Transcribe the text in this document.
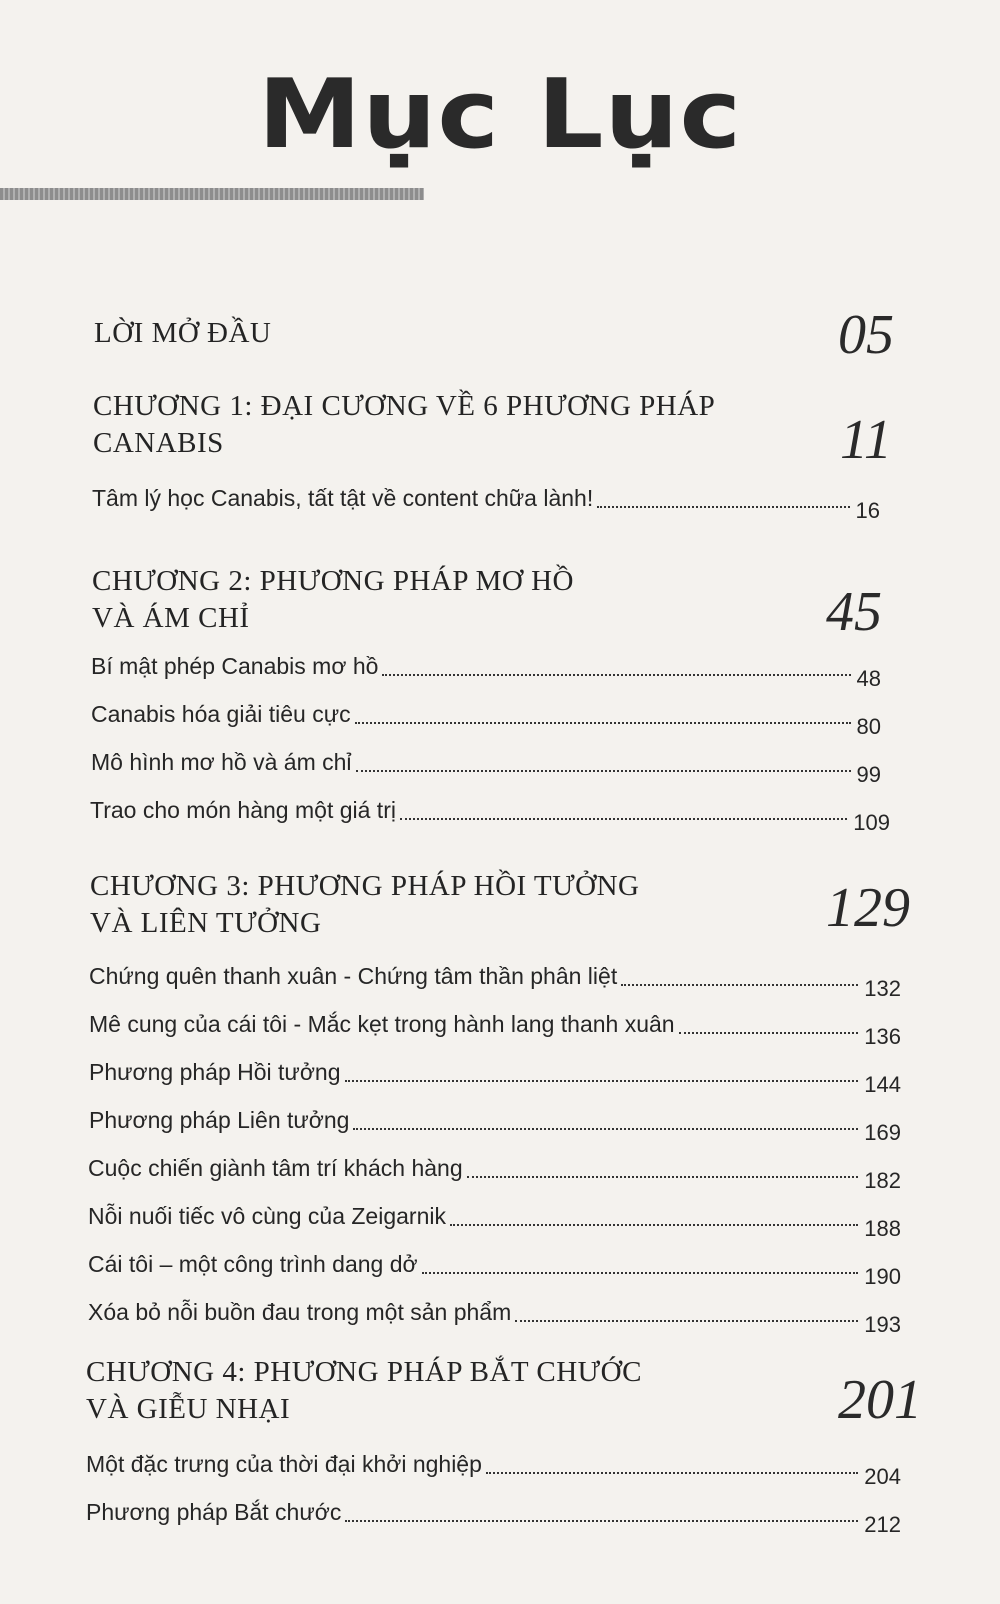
Mục Lục
LỜI MỞ ĐẦU	05
CHƯƠNG 1: ĐẠI CƯƠNG VỀ 6 PHƯƠNG PHÁP
CANABIS	11
Tâm lý học Canabis, tất tật về content chữa lành!	16
CHƯƠNG 2: PHƯƠNG PHÁP MƠ HỒ
VÀ ÁM CHỈ	45
Bí mật phép Canabis mơ hồ	48
Canabis hóa giải tiêu cực	80
Mô hình mơ hồ và ám chỉ	99
Trao cho món hàng một giá trị	109
CHƯƠNG 3: PHƯƠNG PHÁP HỒI TƯỞNG
VÀ LIÊN TƯỞNG	129
Chứng quên thanh xuân - Chứng tâm thần phân liệt	132
Mê cung của cái tôi - Mắc kẹt trong hành lang thanh xuân	136
Phương pháp Hồi tưởng	144
Phương pháp Liên tưởng	169
Cuộc chiến giành tâm trí khách hàng	182
Nỗi nuối tiếc vô cùng của Zeigarnik	188
Cái tôi – một công trình dang dở	190
Xóa bỏ nỗi buồn đau trong một sản phẩm	193
CHƯƠNG 4: PHƯƠNG PHÁP BẮT CHƯỚC
VÀ GIỄU NHẠI	201
Một đặc trưng của thời đại khởi nghiệp	204
Phương pháp Bắt chước	212
